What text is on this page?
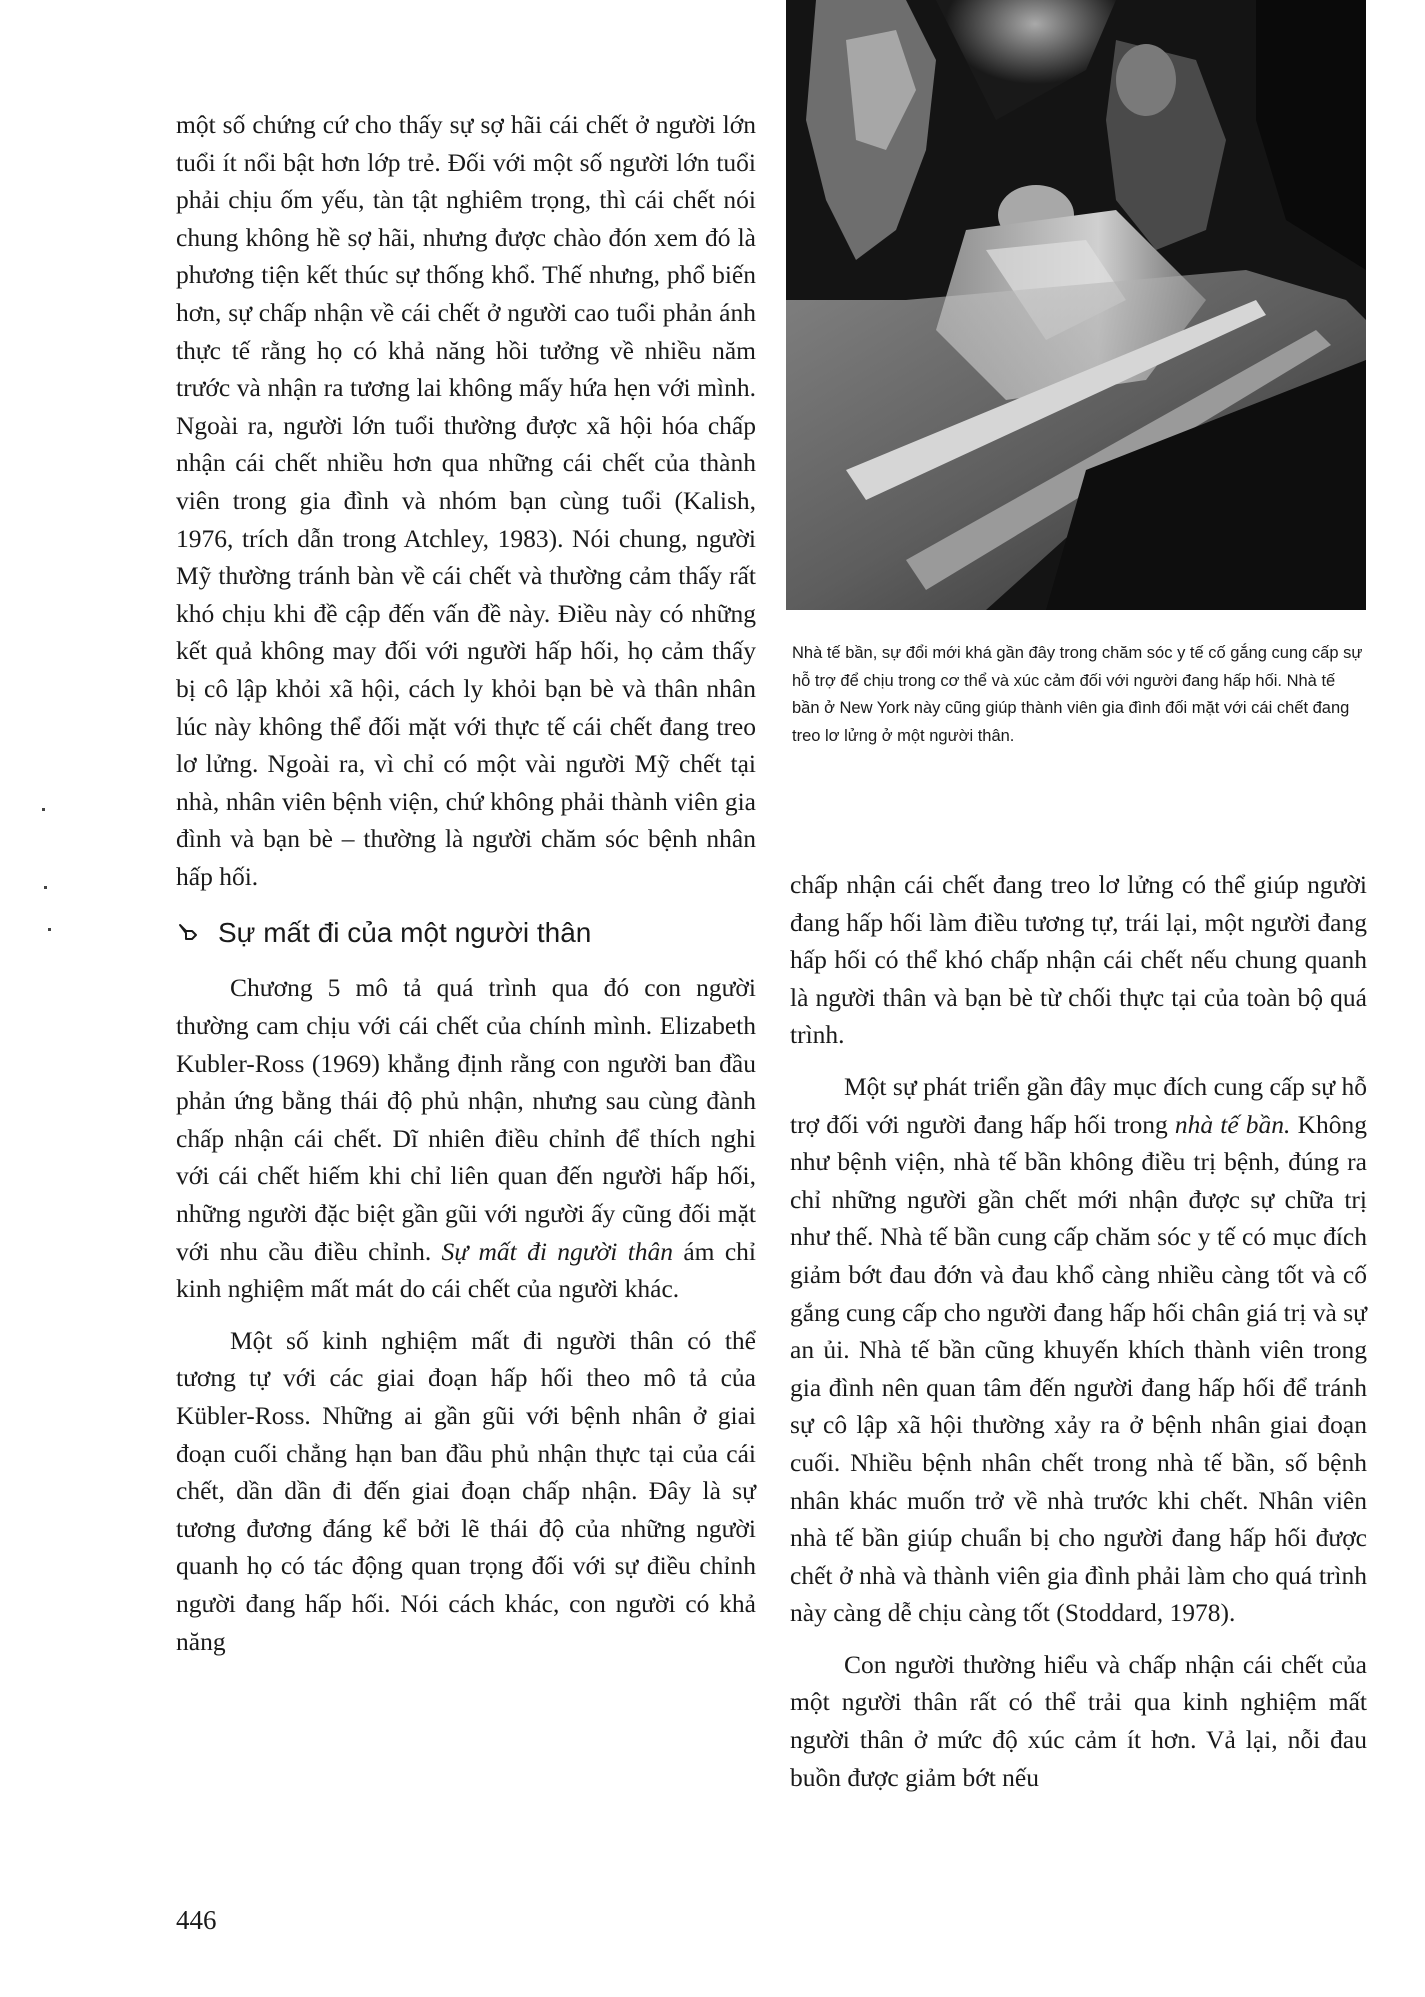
Nhà tế bần, sự đổi mới khá gần đây trong chăm sóc y tế cố gắng cung cấp sự hỗ trợ để chịu trong cơ thể và xúc cảm đối với người đang hấp hối. Nhà tế bần ở New York này cũng giúp thành viên gia đình đối mặt với cái chết đang treo lơ lửng ở một người thân.

một số chứng cứ cho thấy sự sợ hãi cái chết ở người lớn tuổi ít nổi bật hơn lớp trẻ. Đối với một số người lớn tuổi phải chịu ốm yếu, tàn tật nghiêm trọng, thì cái chết nói chung không hề sợ hãi, nhưng được chào đón xem đó là phương tiện kết thúc sự thống khổ. Thế nhưng, phổ biến hơn, sự chấp nhận về cái chết ở người cao tuổi phản ánh thực tế rằng họ có khả năng hồi tưởng về nhiều năm trước và nhận ra tương lai không mấy hứa hẹn với mình. Ngoài ra, người lớn tuổi thường được xã hội hóa chấp nhận cái chết nhiều hơn qua những cái chết của thành viên trong gia đình và nhóm bạn cùng tuổi (Kalish, 1976, trích dẫn trong Atchley, 1983). Nói chung, người Mỹ thường tránh bàn về cái chết và thường cảm thấy rất khó chịu khi đề cập đến vấn đề này. Điều này có những kết quả không may đối với người hấp hối, họ cảm thấy bị cô lập khỏi xã hội, cách ly khỏi bạn bè và thân nhân lúc này không thể đối mặt với thực tế cái chết đang treo lơ lửng. Ngoài ra, vì chỉ có một vài người Mỹ chết tại nhà, nhân viên bệnh viện, chứ không phải thành viên gia đình và bạn bè – thường là người chăm sóc bệnh nhân hấp hối.

Sự mất đi của một người thân

Chương 5 mô tả quá trình qua đó con người thường cam chịu với cái chết của chính mình. Elizabeth Kubler-Ross (1969) khẳng định rằng con người ban đầu phản ứng bằng thái độ phủ nhận, nhưng sau cùng đành chấp nhận cái chết. Dĩ nhiên điều chỉnh để thích nghi với cái chết hiếm khi chỉ liên quan đến người hấp hối, những người đặc biệt gần gũi với người ấy cũng đối mặt với nhu cầu điều chỉnh. Sự mất đi người thân ám chỉ kinh nghiệm mất mát do cái chết của người khác.

Một số kinh nghiệm mất đi người thân có thể tương tự với các giai đoạn hấp hối theo mô tả của Kübler-Ross. Những ai gần gũi với bệnh nhân ở giai đoạn cuối chẳng hạn ban đầu phủ nhận thực tại của cái chết, dần dần đi đến giai đoạn chấp nhận. Đây là sự tương đương đáng kể bởi lẽ thái độ của những người quanh họ có tác động quan trọng đối với sự điều chỉnh người đang hấp hối. Nói cách khác, con người có khả năng

chấp nhận cái chết đang treo lơ lửng có thể giúp người đang hấp hối làm điều tương tự, trái lại, một người đang hấp hối có thể khó chấp nhận cái chết nếu chung quanh là người thân và bạn bè từ chối thực tại của toàn bộ quá trình.

Một sự phát triển gần đây mục đích cung cấp sự hỗ trợ đối với người đang hấp hối trong nhà tế bần. Không như bệnh viện, nhà tế bần không điều trị bệnh, đúng ra chỉ những người gần chết mới nhận được sự chữa trị như thế. Nhà tế bần cung cấp chăm sóc y tế có mục đích giảm bớt đau đớn và đau khổ càng nhiều càng tốt và cố gắng cung cấp cho người đang hấp hối chân giá trị và sự an ủi. Nhà tế bần cũng khuyến khích thành viên trong gia đình nên quan tâm đến người đang hấp hối để tránh sự cô lập xã hội thường xảy ra ở bệnh nhân giai đoạn cuối. Nhiều bệnh nhân chết trong nhà tế bần, số bệnh nhân khác muốn trở về nhà trước khi chết. Nhân viên nhà tế bần giúp chuẩn bị cho người đang hấp hối được chết ở nhà và thành viên gia đình phải làm cho quá trình này càng dễ chịu càng tốt (Stoddard, 1978).

Con người thường hiểu và chấp nhận cái chết của một người thân rất có thể trải qua kinh nghiệm mất người thân ở mức độ xúc cảm ít hơn. Vả lại, nỗi đau buồn được giảm bớt nếu

446
